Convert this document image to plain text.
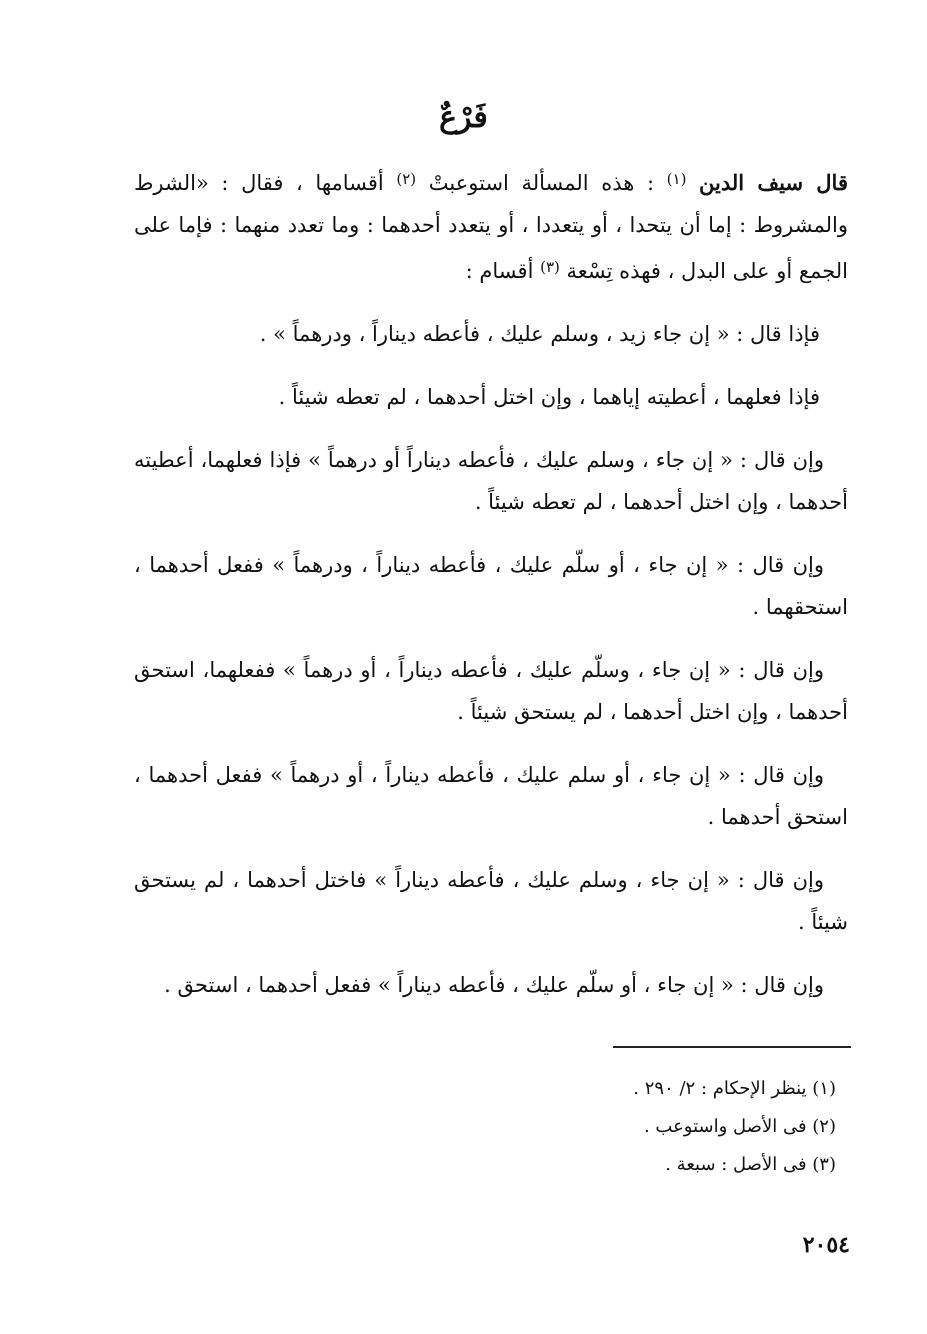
فَرْعٌ

قال سيف الدين $^{(١)}$ : هذه المسألة استوعبتْ $^{(٢)}$ أقسامها ، فقال : «الشرط والمشروط : إما أن يتحدا ، أو يتعددا ، أو يتعدد أحدهما : وما تعدد منهما : فإما على الجمع أو على البدل ، فهذه تِسْعة $^{(٣)}$ أقسام :

فإذا قال : « إن جاء زيد ، وسلم عليك ، فأعطه ديناراً ، ودرهماً » .

فإذا فعلهما ، أعطيته إياهما ، وإن اختل أحدهما ، لم تعطه شيئاً .

وإن قال : « إن جاء ، وسلم عليك ، فأعطه ديناراً أو درهماً » فإذا فعلهما، أعطيته أحدهما ، وإن اختل أحدهما ، لم تعطه شيئاً .

وإن قال : « إن جاء ، أو سلّم عليك ، فأعطه ديناراً ، ودرهماً » ففعل أحدهما ، استحقهما .

وإن قال : « إن جاء ، وسلّم عليك ، فأعطه ديناراً ، أو درهماً » ففعلهما، استحق أحدهما ، وإن اختل أحدهما ، لم يستحق شيئاً .

وإن قال : « إن جاء ، أو سلم عليك ، فأعطه ديناراً ، أو درهماً » ففعل أحدهما ، استحق أحدهما .

وإن قال : « إن جاء ، وسلم عليك ، فأعطه ديناراً » فاختل أحدهما ، لم يستحق شيئاً .

وإن قال : « إن جاء ، أو سلّم عليك ، فأعطه ديناراً » ففعل أحدهما ، استحق .

(١) ينظر الإحكام : ٢/ ٢٩٠ .

(٢) فى الأصل واستوعب .

(٣) فى الأصل : سبعة .

٢٠٥٤
